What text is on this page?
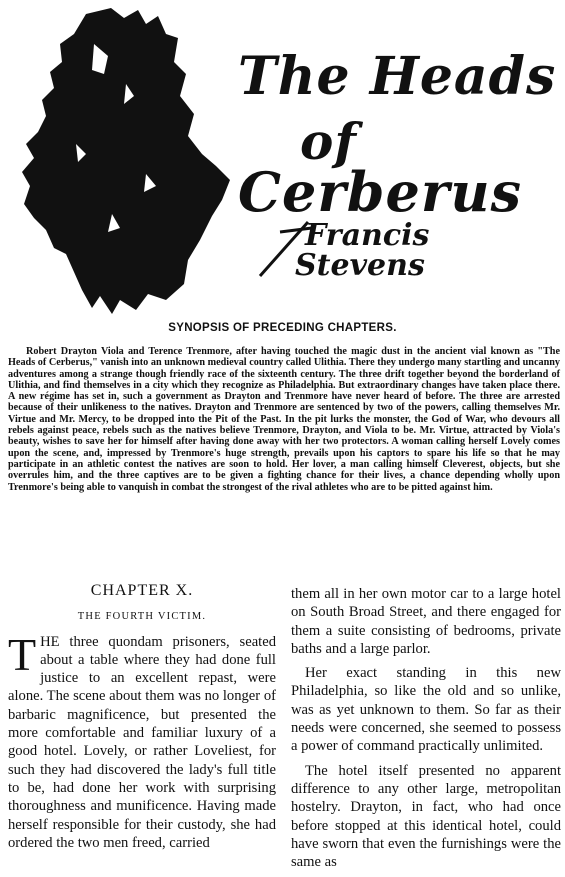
The Heads
of
Cerberus
Francis
Stevens
SYNOPSIS OF PRECEDING CHAPTERS.
Robert Drayton Viola and Terence Trenmore, after having touched the magic dust in the ancient vial known as "The Heads of Cerberus," vanish into an unknown medieval country called Ulithia. There they undergo many startling and uncanny adventures among a strange though friendly race of the sixteenth century. The three drift together beyond the borderland of Ulithia, and find themselves in a city which they recognize as Philadelphia. But extraordinary changes have taken place there. A new régime has set in, such a government as Drayton and Trenmore have never heard of before. The three are arrested because of their unlikeness to the natives. Drayton and Trenmore are sentenced by two of the powers, calling themselves Mr. Virtue and Mr. Mercy, to be dropped into the Pit of the Past. In the pit lurks the monster, the God of War, who devours all rebels against peace, rebels such as the natives believe Trenmore, Drayton, and Viola to be. Mr. Virtue, attracted by Viola's beauty, wishes to save her for himself after having done away with her two protectors. A woman calling herself Lovely comes upon the scene, and, impressed by Trenmore's huge strength, prevails upon his captors to spare his life so that he may participate in an athletic contest the natives are soon to hold. Her lover, a man calling himself Cleverest, objects, but she overrules him, and the three captives are to be given a fighting chance for their lives, a chance depending wholly upon Trenmore's being able to vanquish in combat the strongest of the rival athletes who are to be pitted against him.
CHAPTER X.
THE FOURTH VICTIM.

THE three quondam prisoners, seated about a table where they had done full justice to an excellent repast, were alone. The scene about them was no longer of barbaric magnificence, but presented the more comfortable and familiar luxury of a good hotel. Lovely, or rather Loveliest, for such they had discovered the lady's full title to be, had done her work with surprising thoroughness and munificence. Having made herself responsible for their custody, she had ordered the two men freed, carried

them all in her own motor car to a large hotel on South Broad Street, and there engaged for them a suite consisting of bedrooms, private baths and a large parlor.

Her exact standing in this new Philadelphia, so like the old and so unlike, was as yet unknown to them. So far as their needs were concerned, she seemed to possess a power of command practically unlimited.

The hotel itself presented no apparent difference to any other large, metropolitan hostelry. Drayton, in fact, who had once before stopped at this identical hotel, could have sworn that even the furnishings were the same as
